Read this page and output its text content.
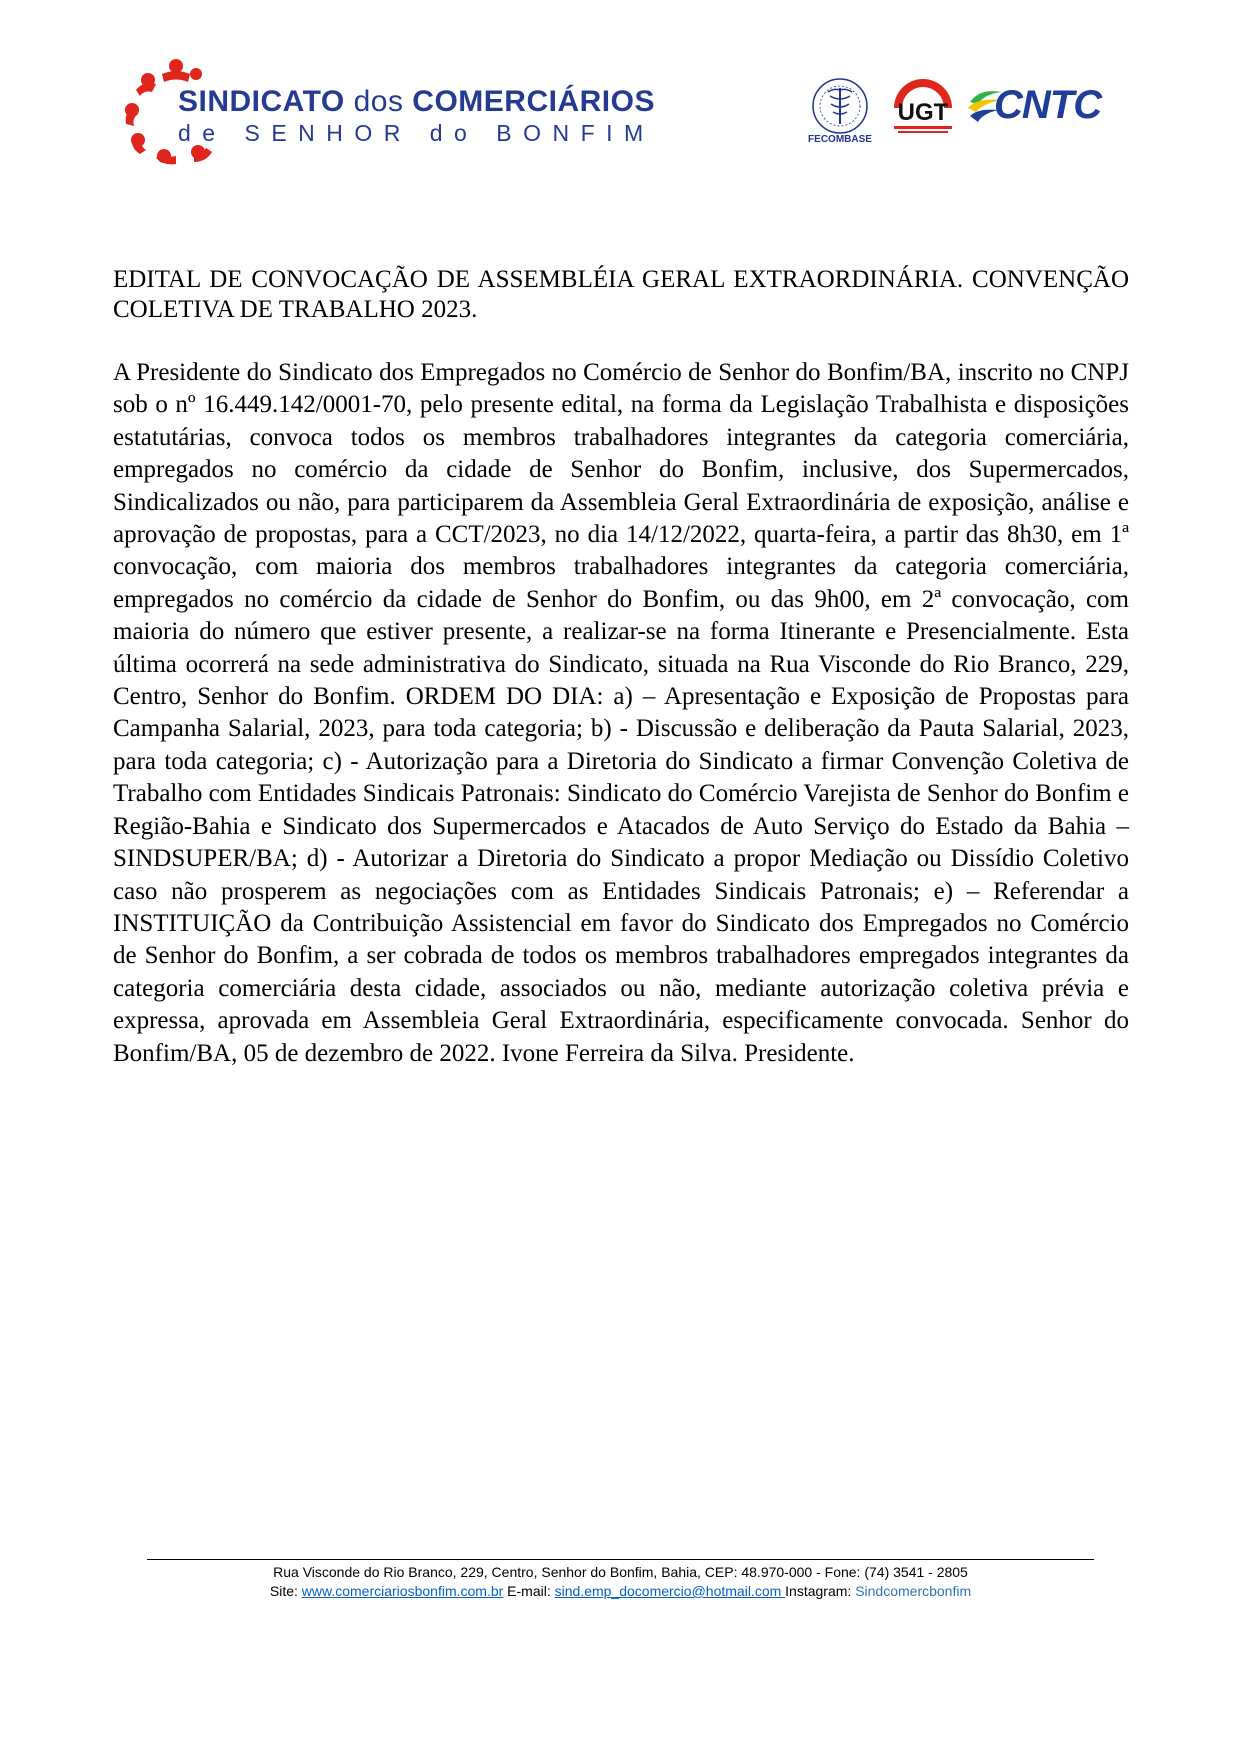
SINDICATO dos COMERCIÁRIOS
de SENHOR do BONFIM	FECOMBASE
UGT CNTC
EDITAL DE CONVOCAÇÃO DE ASSEMBLÉIA GERAL EXTRAORDINÁRIA. CONVENÇÃO COLETIVA DE TRABALHO 2023.
A Presidente do Sindicato dos Empregados no Comércio de Senhor do Bonfim/BA, inscrito no CNPJ sob o nº 16.449.142/0001-70, pelo presente edital, na forma da Legislação Trabalhista e disposições estatutárias, convoca todos os membros trabalhadores integrantes da categoria comerciária, empregados no comércio da cidade de Senhor do Bonfim, inclusive, dos Supermercados, Sindicalizados ou não, para participarem da Assembleia Geral Extraordinária de exposição, análise e aprovação de propostas, para a CCT/2023, no dia 14/12/2022, quarta-feira, a partir das 8h30, em 1ª convocação, com maioria dos membros trabalhadores integrantes da categoria comerciária, empregados no comércio da cidade de Senhor do Bonfim, ou das 9h00, em 2ª convocação, com maioria do número que estiver presente, a realizar-se na forma Itinerante e Presencialmente. Esta última ocorrerá na sede administrativa do Sindicato, situada na Rua Visconde do Rio Branco, 229, Centro, Senhor do Bonfim. ORDEM DO DIA: a) – Apresentação e Exposição de Propostas para Campanha Salarial, 2023, para toda categoria; b) - Discussão e deliberação da Pauta Salarial, 2023, para toda categoria; c) - Autorização para a Diretoria do Sindicato a firmar Convenção Coletiva de Trabalho com Entidades Sindicais Patronais: Sindicato do Comércio Varejista de Senhor do Bonfim e Região-Bahia e Sindicato dos Supermercados e Atacados de Auto Serviço do Estado da Bahia – SINDSUPER/BA; d) - Autorizar a Diretoria do Sindicato a propor Mediação ou Dissídio Coletivo caso não prosperem as negociações com as Entidades Sindicais Patronais; e) – Referendar a INSTITUIÇÃO da Contribuição Assistencial em favor do Sindicato dos Empregados no Comércio de Senhor do Bonfim, a ser cobrada de todos os membros trabalhadores empregados integrantes da categoria comerciária desta cidade, associados ou não, mediante autorização coletiva prévia e expressa, aprovada em Assembleia Geral Extraordinária, especificamente convocada. Senhor do Bonfim/BA, 05 de dezembro de 2022. Ivone Ferreira da Silva. Presidente.
Rua Visconde do Rio Branco, 229, Centro, Senhor do Bonfim, Bahia, CEP: 48.970-000 - Fone: (74) 3541 - 2805
Site: www.comerciariosbonfim.com.br E-mail: sind.emp_docomercio@hotmail.com Instagram: Sindcomercbonfim
